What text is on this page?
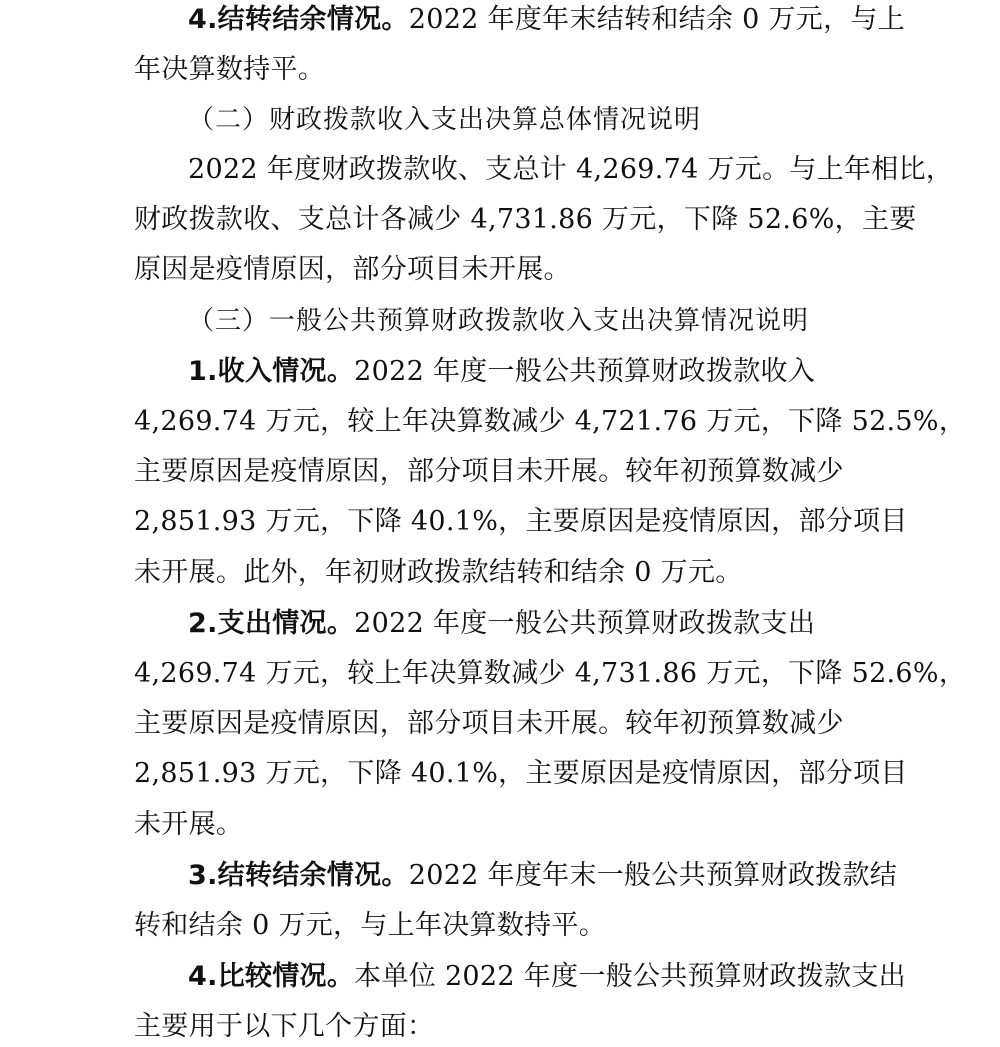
4.结转结余情况。2022 年度年末结转和结余 0 万元，与上
年决算数持平。
（二）财政拨款收入支出决算总体情况说明
2022 年度财政拨款收、支总计 4,269.74 万元。与上年相比，
财政拨款收、支总计各减少 4,731.86 万元，下降 52.6%，主要
原因是疫情原因，部分项目未开展。
（三）一般公共预算财政拨款收入支出决算情况说明
1.收入情况。2022 年度一般公共预算财政拨款收入
4,269.74 万元，较上年决算数减少 4,721.76 万元，下降 52.5%，
主要原因是疫情原因，部分项目未开展。较年初预算数减少
2,851.93 万元，下降 40.1%，主要原因是疫情原因，部分项目
未开展。此外，年初财政拨款结转和结余 0 万元。
2.支出情况。2022 年度一般公共预算财政拨款支出
4,269.74 万元，较上年决算数减少 4,731.86 万元，下降 52.6%，
主要原因是疫情原因，部分项目未开展。较年初预算数减少
2,851.93 万元，下降 40.1%，主要原因是疫情原因，部分项目
未开展。
3.结转结余情况。2022 年度年末一般公共预算财政拨款结
转和结余 0 万元，与上年决算数持平。
4.比较情况。本单位 2022 年度一般公共预算财政拨款支出
主要用于以下几个方面：
